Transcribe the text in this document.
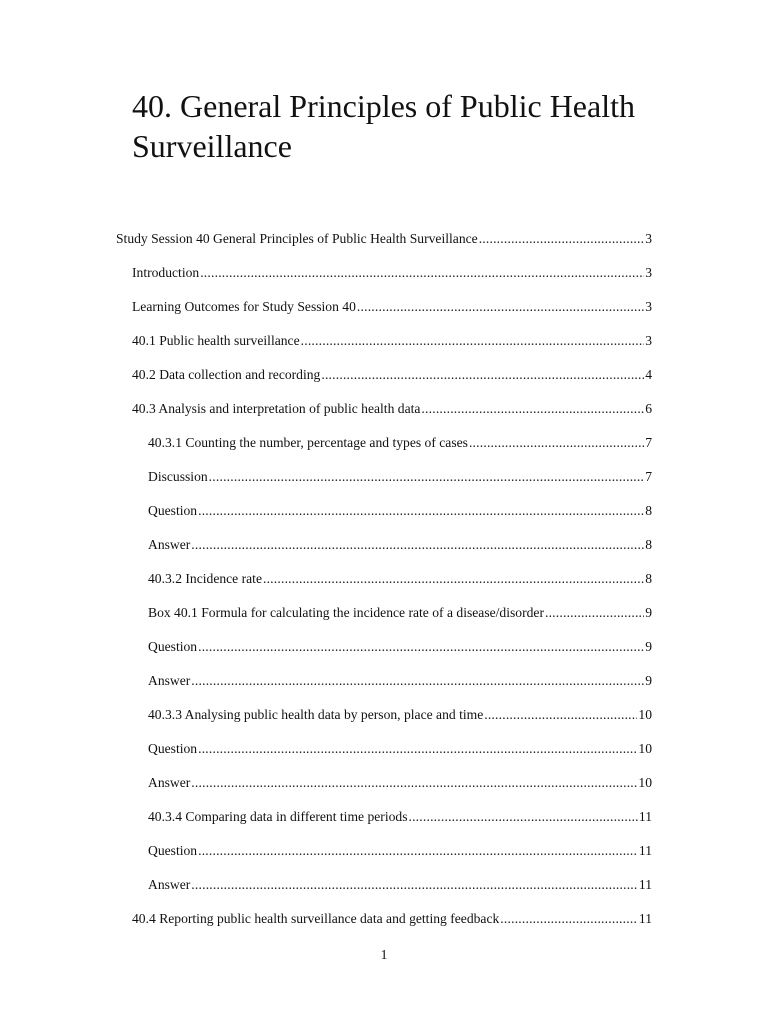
40. General Principles of Public Health Surveillance
Study Session 40 General Principles of Public Health Surveillance .....	3
Introduction .....	3
Learning Outcomes for Study Session 40 .....	3
40.1 Public health surveillance .....	3
40.2 Data collection and recording .....	4
40.3 Analysis and interpretation of public health data .....	6
40.3.1 Counting the number, percentage and types of cases .....	7
Discussion .....	7
Question .....	8
Answer .....	8
40.3.2 Incidence rate .....	8
Box 40.1 Formula for calculating the incidence rate of a disease/disorder .....	9
Question .....	9
Answer .....	9
40.3.3 Analysing public health data by person, place and time .....	10
Question .....	10
Answer .....	10
40.3.4 Comparing data in different time periods .....	11
Question .....	11
Answer .....	11
40.4 Reporting public health surveillance data and getting feedback .....	11
1
